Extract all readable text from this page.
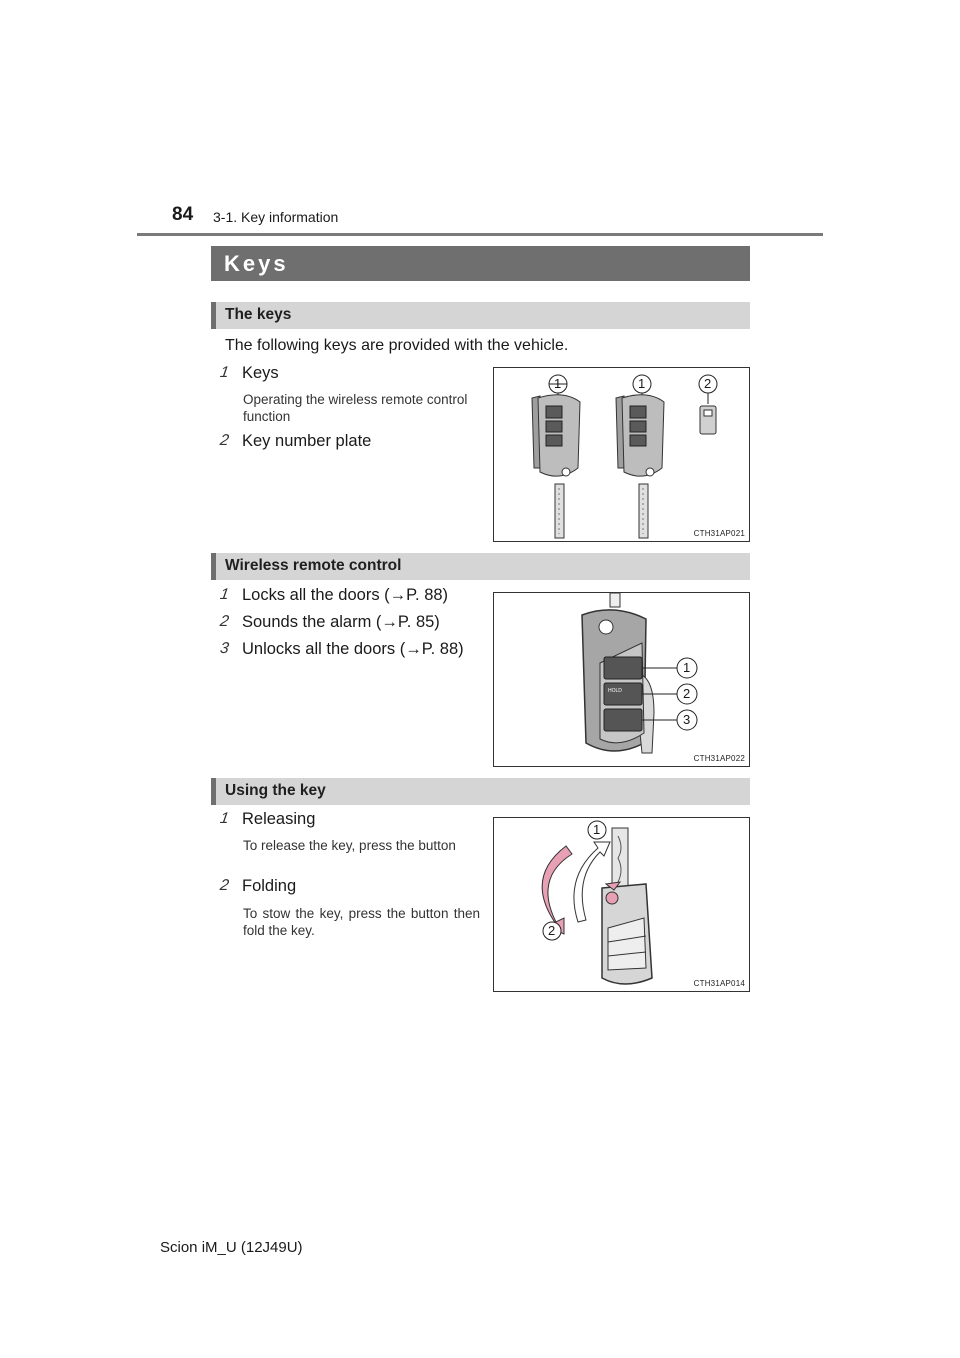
84 3-1. Key information
Keys
The keys
The following keys are provided with the vehicle.
1 Keys
Operating the wireless remote control function
2 Key number plate
1	1	2
CTH31AP021
Wireless remote control
1 Locks all the doors (→P. 88)
2 Sounds the alarm (→P. 85)
3 Unlocks all the doors (→P. 88)
HOLD
1
2
3
CTH31AP022
Using the key
1 Releasing
To release the key, press the button
2 Folding
To stow the key, press the button then fold the key.
1
2
CTH31AP014
Scion iM_U (12J49U)
